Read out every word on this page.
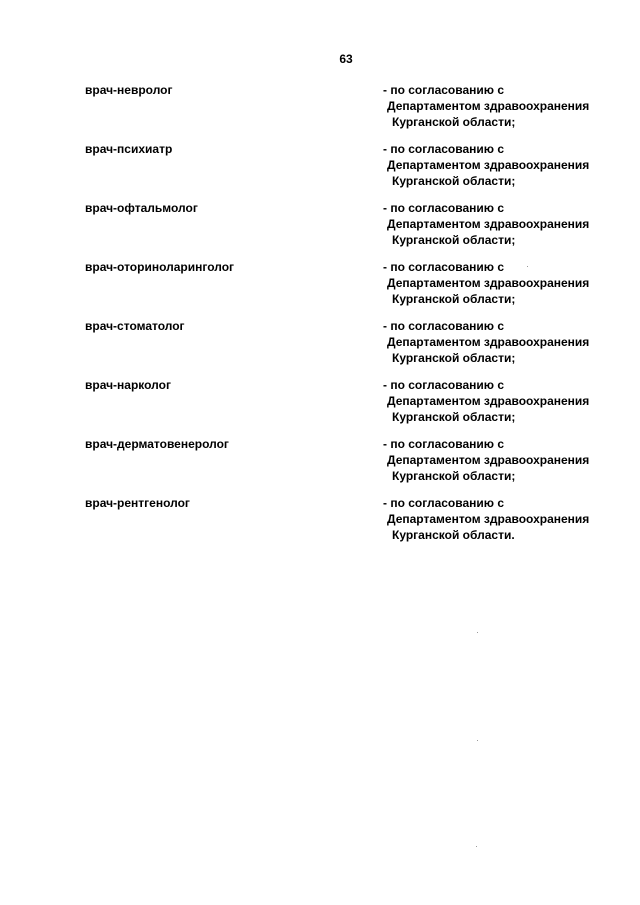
63
врач-невролог	- по согласованию с
Департаментом здравоохранения
Курганской области;
врач-психиатр	- по согласованию с
Департаментом здравоохранения
Курганской области;
врач-офтальмолог	- по согласованию с
Департаментом здравоохранения
Курганской области;
врач-оториноларинголог	- по согласованию с
Департаментом здравоохранения
Курганской области;
врач-стоматолог	- по согласованию с
Департаментом здравоохранения
Курганской области;
врач-нарколог	- по согласованию с
Департаментом здравоохранения
Курганской области;
врач-дерматовенеролог	- по согласованию с
Департаментом здравоохранения
Курганской области;
врач-рентгенолог	- по согласованию с
Департаментом здравоохранения
Курганской области.
